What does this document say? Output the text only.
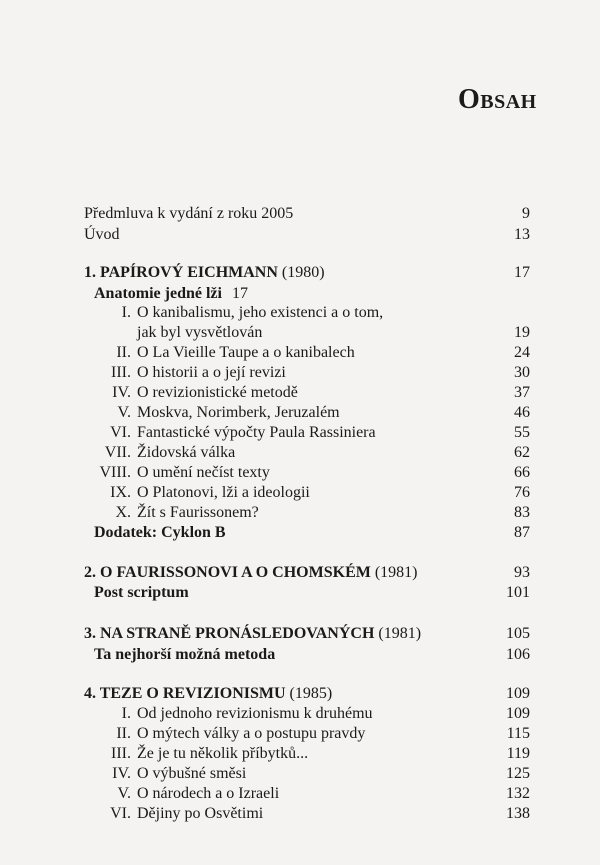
Obsah
Předmluva k vydání z roku 2005	9
Úvod	13
1. PAPÍROVÝ EICHMANN (1980)	17
Anatomie jedné lži 17
I. O kanibalismu, jeho existenci a o tom,
jak byl vysvětlován	19
II. O La Vieille Taupe a o kanibalech	24
III. O historii a o její revizi	30
IV. O revizionistické metodě	37
V. Moskva, Norimberk, Jeruzalém	46
VI. Fantastické výpočty Paula Rassiniera	55
VII. Židovská válka	62
VIII. O umění nečíst texty	66
IX. O Platonovi, lži a ideologii	76
X. Žít s Faurissonem?	83
Dodatek: Cyklon B	87
2. O FAURISSONOVI A O CHOMSKÉM (1981)	93
Post scriptum	101
3. NA STRANĚ PRONÁSLEDOVANÝCH (1981)	105
Ta nejhorší možná metoda	106
4. TEZE O REVIZIONISMU (1985)	109
I. Od jednoho revizionismu k druhému	109
II. O mýtech války a o postupu pravdy	115
III. Že je tu několik příbytků...	119
IV. O výbušné směsi	125
V. O národech a o Izraeli	132
VI. Dějiny po Osvětimi	138
